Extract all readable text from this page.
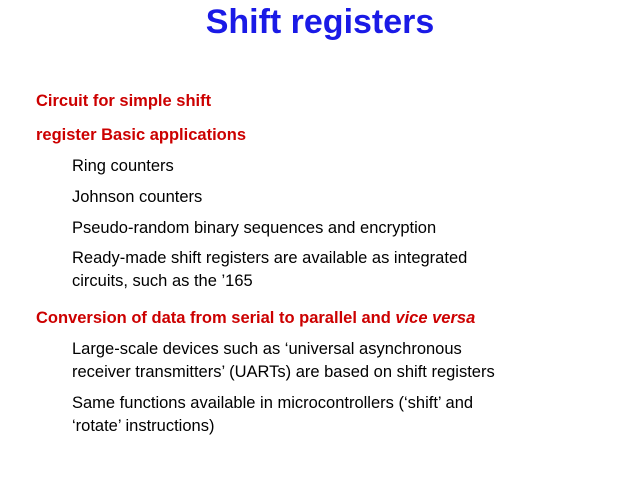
Shift registers

Circuit for simple shift

register Basic applications

Ring counters

Johnson counters

Pseudo-random binary sequences and encryption

Ready-made shift registers are available as integrated

circuits, such as the ’165

Conversion of data from serial to parallel and vice versa

Large-scale devices such as ‘universal asynchronous

receiver transmitters’ (UARTs) are based on shift registers

Same functions available in microcontrollers (‘shift’ and

‘rotate’ instructions)
